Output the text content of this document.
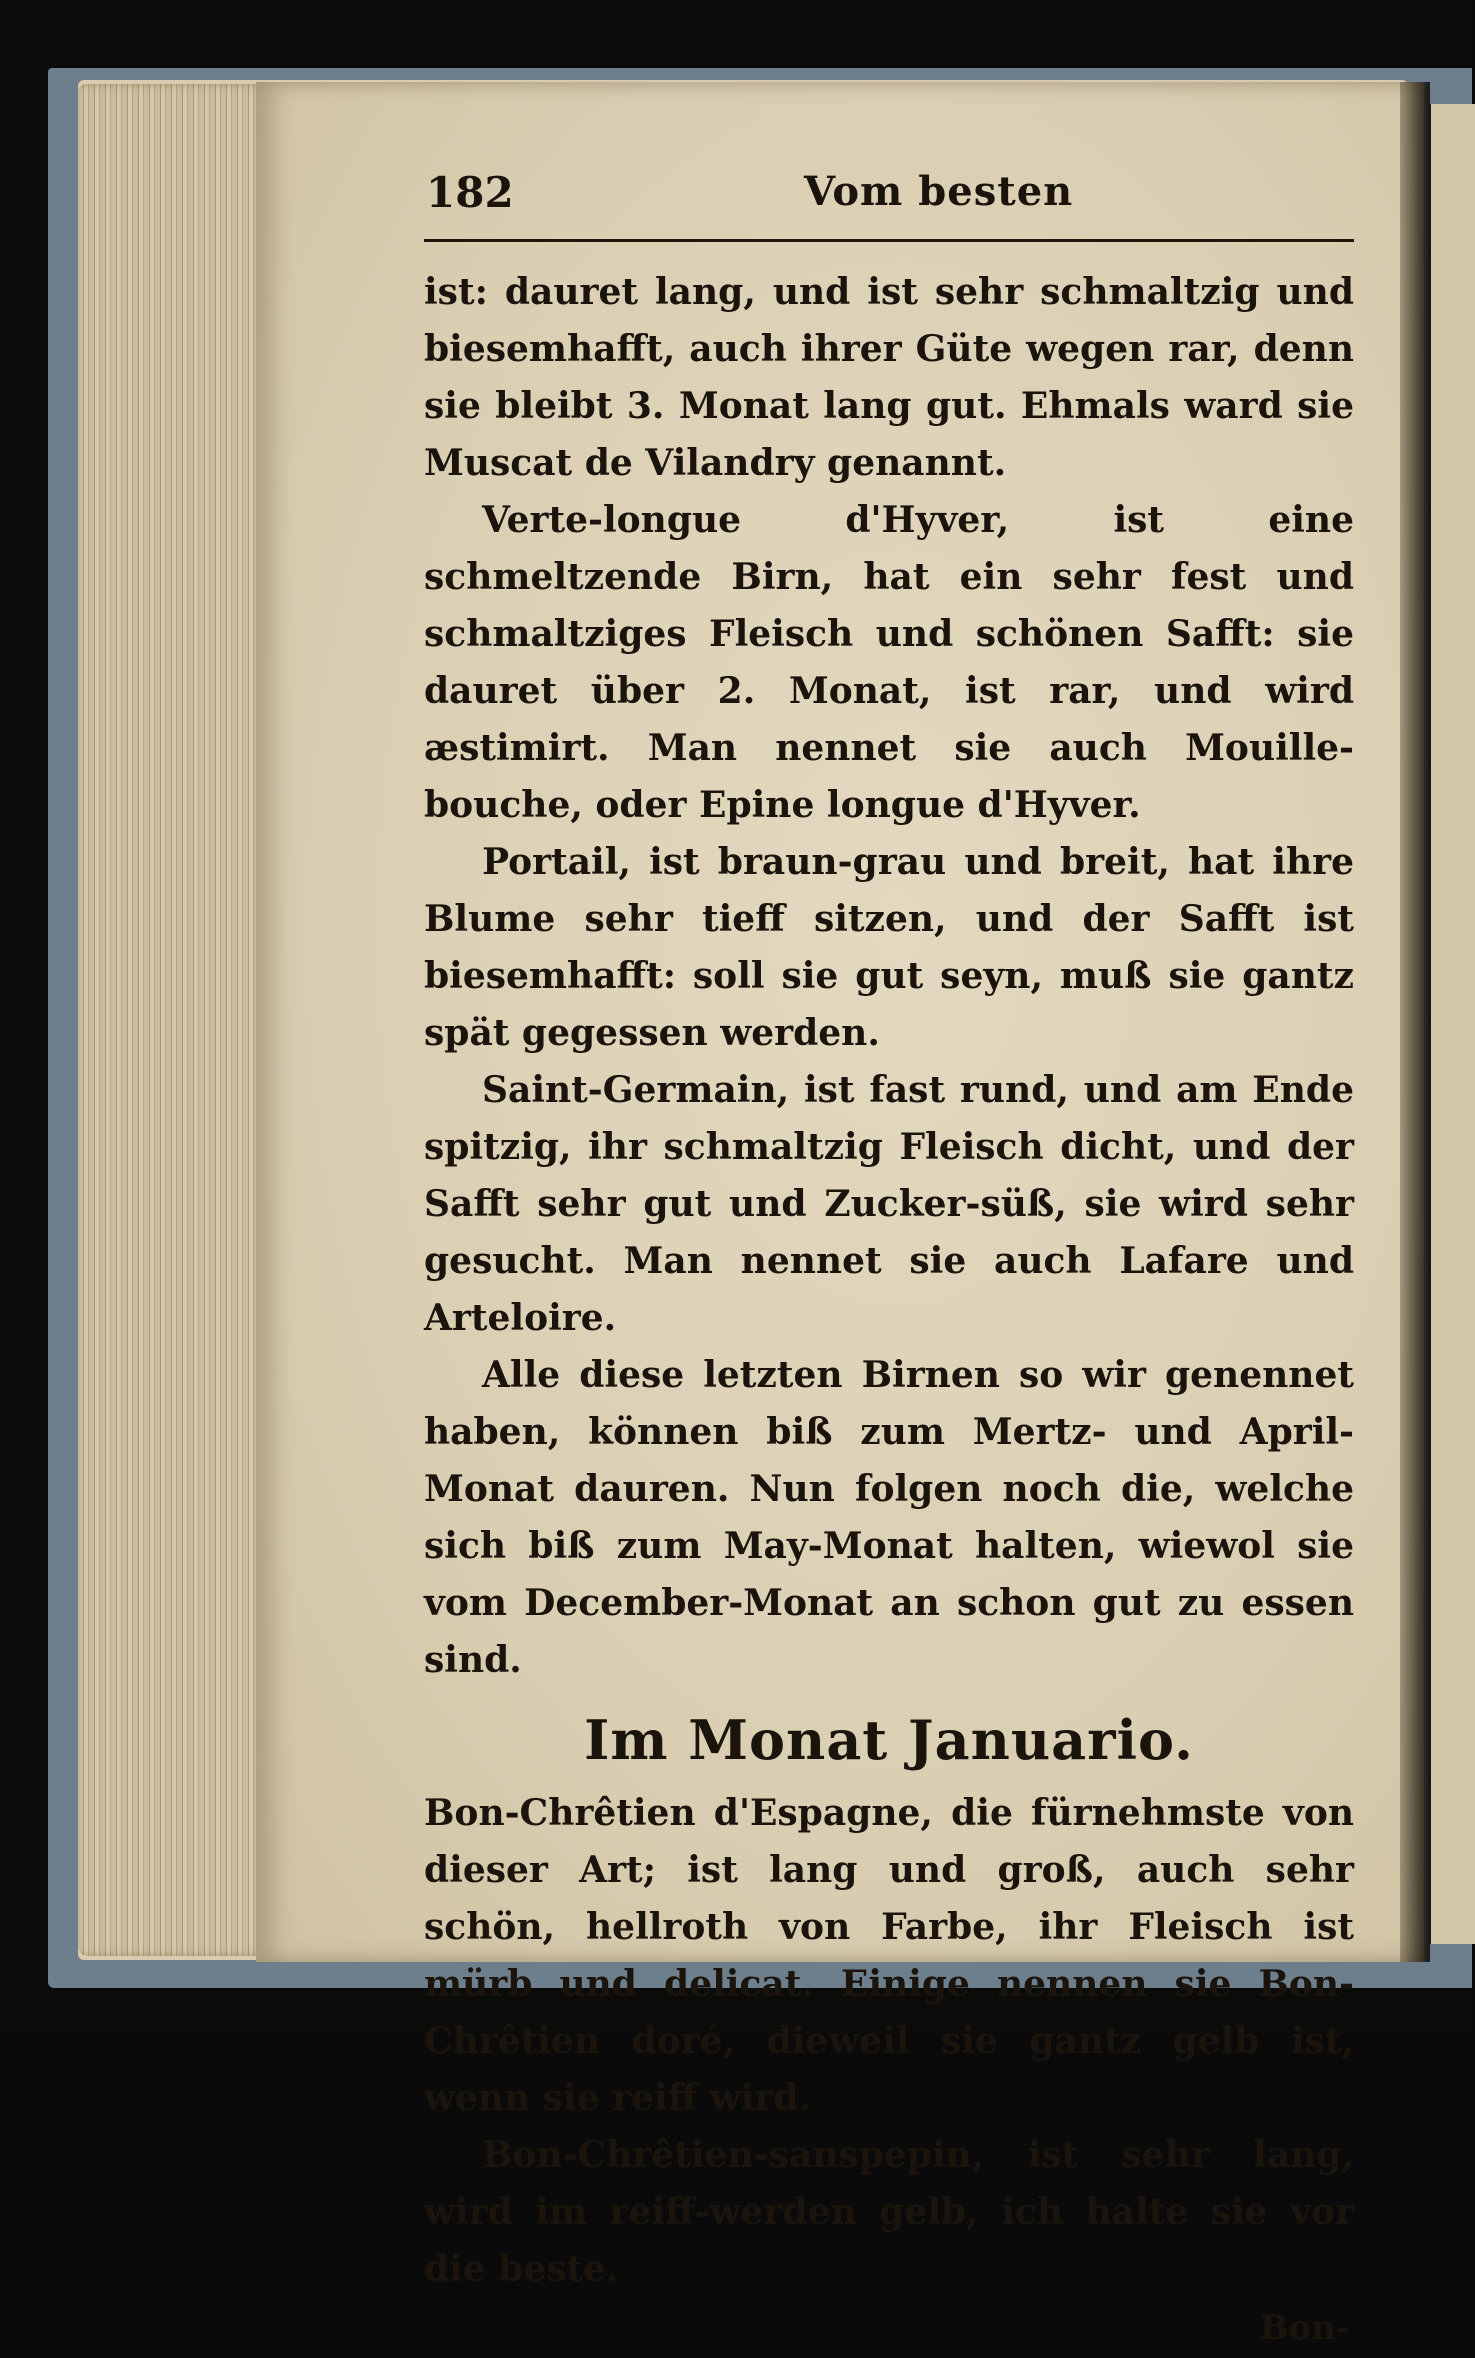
182	Vom besten

ist: dauret lang, und ist sehr schmaltzig und biesemhafft, auch ihrer Güte wegen rar, denn sie bleibt 3. Monat lang gut. Ehmals ward sie Muscat de Vilandry genannt.

Verte-longue d'Hyver, ist eine schmeltzende Birn, hat ein sehr fest und schmaltziges Fleisch und schönen Safft: sie dauret über 2. Monat, ist rar, und wird æstimirt. Man nennet sie auch Mouille-bouche, oder Epine longue d'Hyver.

Portail, ist braun-grau und breit, hat ihre Blume sehr tieff sitzen, und der Safft ist biesemhafft: soll sie gut seyn, muß sie gantz spät gegessen werden.

Saint-Germain, ist fast rund, und am Ende spitzig, ihr schmaltzig Fleisch dicht, und der Safft sehr gut und Zucker-süß, sie wird sehr gesucht. Man nennet sie auch Lafare und Arteloire.

Alle diese letzten Birnen so wir genennet haben, können biß zum Mertz- und April-Monat dauren. Nun folgen noch die, welche sich biß zum May-Monat halten, wiewol sie vom December-Monat an schon gut zu essen sind.

Im Monat Januario.

Bon-Chrêtien d'Espagne, die fürnehmste von dieser Art; ist lang und groß, auch sehr schön, hellroth von Farbe, ihr Fleisch ist mürb und delicat. Einige nennen sie Bon-Chrêtien doré, dieweil sie gantz gelb ist, wenn sie reiff wird.

Bon-Chrêtien-sanspepin, ist sehr lang, wird im reiff-werden gelb, ich halte sie vor die beste.

Bon-
